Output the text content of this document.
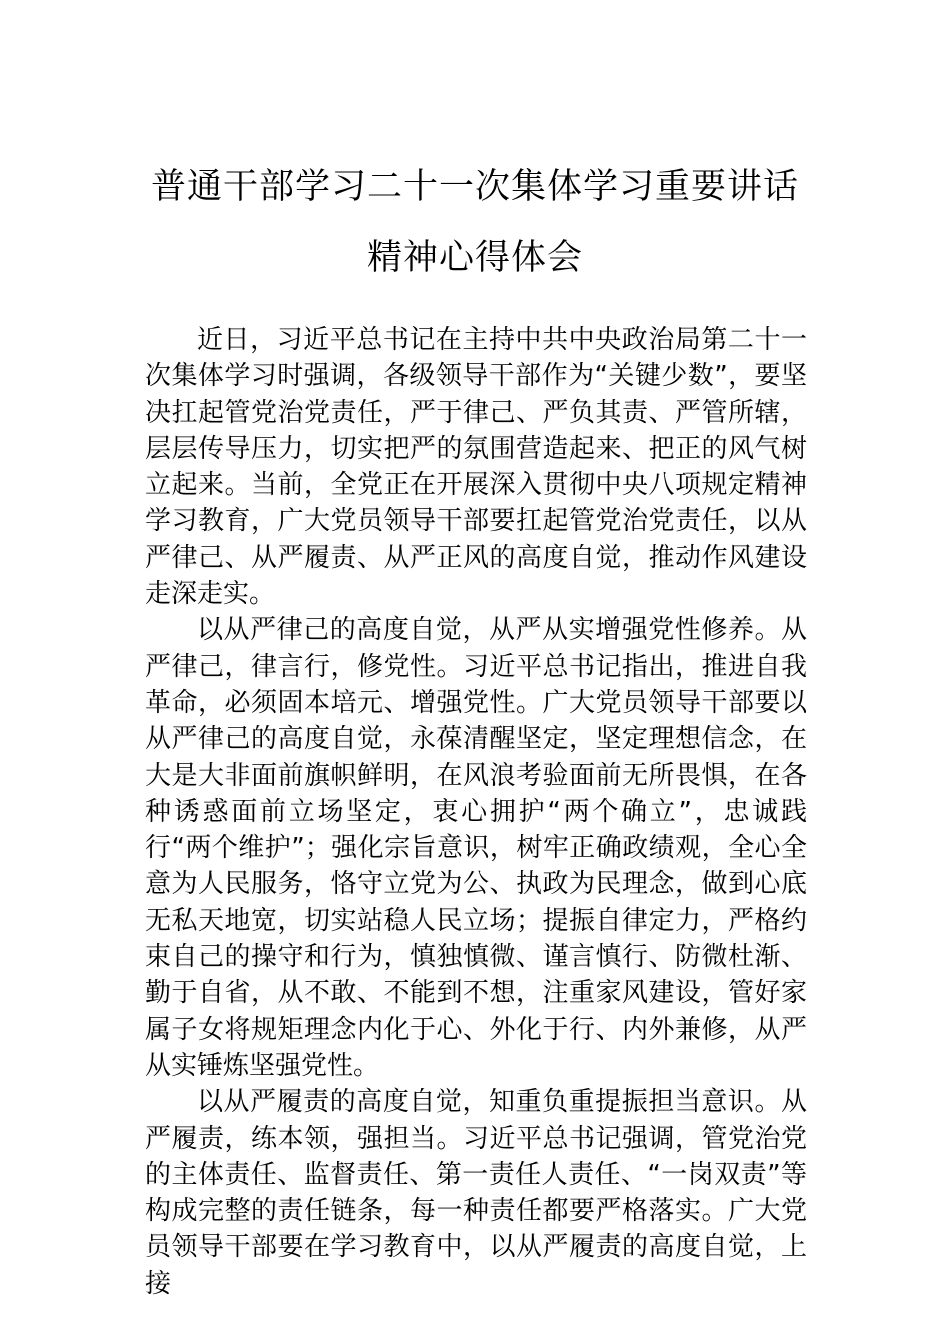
普通干部学习二十一次集体学习重要讲话
精神心得体会

近日，习近平总书记在主持中共中央政治局第二十一次集体学习时强调，各级领导干部作为“关键少数”，要坚决扛起管党治党责任，严于律己、严负其责、严管所辖，层层传导压力，切实把严的氛围营造起来、把正的风气树立起来。当前，全党正在开展深入贯彻中央八项规定精神学习教育，广大党员领导干部要扛起管党治党责任，以从严律己、从严履责、从严正风的高度自觉，推动作风建设走深走实。

以从严律己的高度自觉，从严从实增强党性修养。从严律己，律言行，修党性。习近平总书记指出，推进自我革命，必须固本培元、增强党性。广大党员领导干部要以从严律己的高度自觉，永葆清醒坚定，坚定理想信念，在大是大非面前旗帜鲜明，在风浪考验面前无所畏惧，在各种诱惑面前立场坚定，衷心拥护“两个确立”，忠诚践行“两个维护”；强化宗旨意识，树牢正确政绩观，全心全意为人民服务，恪守立党为公、执政为民理念，做到心底无私天地宽，切实站稳人民立场；提振自律定力，严格约束自己的操守和行为，慎独慎微、谨言慎行、防微杜渐、勤于自省，从不敢、不能到不想，注重家风建设，管好家属子女将规矩理念内化于心、外化于行、内外兼修，从严从实锤炼坚强党性。

以从严履责的高度自觉，知重负重提振担当意识。从严履责，练本领，强担当。习近平总书记强调，管党治党的主体责任、监督责任、第一责任人责任、“一岗双责”等构成完整的责任链条，每一种责任都要严格落实。广大党员领导干部要在学习教育中，以从严履责的高度自觉，上接
